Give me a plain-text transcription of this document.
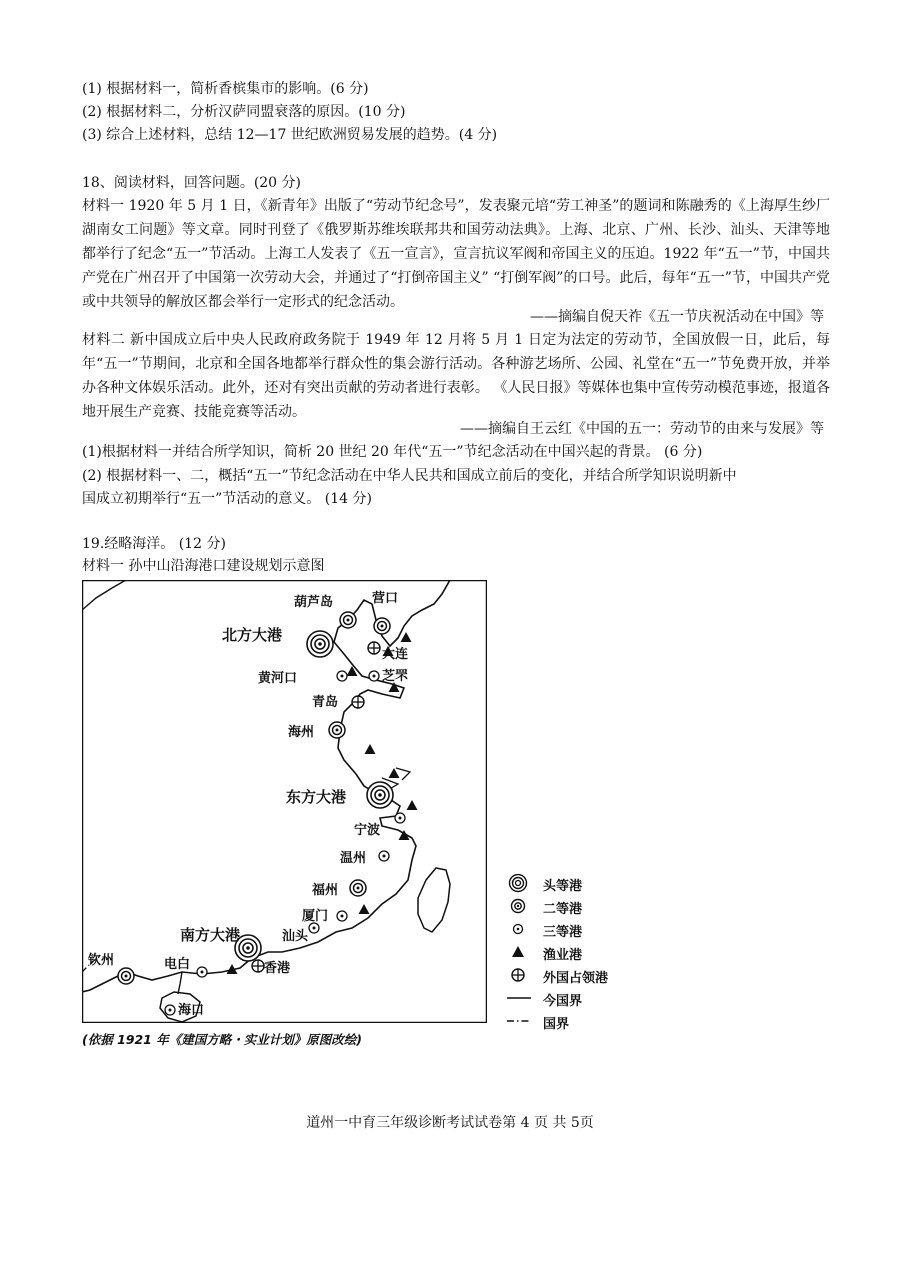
(1) 根据材料一，简析香槟集市的影响。(6 分)
(2) 根据材料二，分析汉萨同盟衰落的原因。(10 分)
(3) 综合上述材料，总结 12—17 世纪欧洲贸易发展的趋势。(4 分)
18、阅读材料，回答问题。(20 分)
材料一 1920 年 5 月 1 日，《新青年》出版了“劳动节纪念号”，发表聚元培“劳工神圣”的题词和陈融秀的《上海厚生纱厂湖南女工问题》等文章。同时刊登了《俄罗斯苏维埃联邦共和国劳动法典》。上海、北京、广州、长沙、汕头、天津等地都举行了纪念“五一”节活动。上海工人发表了《五一宣言》，宣言抗议军阀和帝国主义的压迫。1922 年“五一”节，中国共产党在广州召开了中国第一次劳动大会，并通过了“打倒帝国主义” “打倒军阀”的口号。此后，每年“五一”节，中国共产党或中共领导的解放区都会举行一定形式的纪念活动。
——摘编自倪天祚《五一节庆祝活动在中国》等
材料二 新中国成立后中央人民政府政务院于 1949 年 12 月将 5 月 1 日定为法定的劳动节，全国放假一日，此后，每年“五一”节期间，北京和全国各地都举行群众性的集会游行活动。各种游艺场所、公园、礼堂在“五一”节免费开放，并举办各种文体娱乐活动。此外，还对有突出贡献的劳动者进行表彰。 《人民日报》等媒体也集中宣传劳动模范事迹，报道各地开展生产竞赛、技能竞赛等活动。
——摘编自王云红《中国的五一：劳动节的由来与发展》等
(1)根据材料一并结合所学知识，简析 20 世纪 20 年代“五一”节纪念活动在中国兴起的背景。 (6 分)
(2) 根据材料一、二，概括“五一”节纪念活动在中华人民共和国成立前后的变化，并结合所学知识说明新中
国成立初期举行“五一”节活动的意义。 (14 分)
19.经略海洋。 (12 分)
材料一 孙中山沿海港口建设规划示意图
北方大港
东方大港
南方大港
葫芦岛	营口
大连
黄河口	芝罘
青岛
海州
宁波
温州
福州
厦门
汕头
钦州	电白	香港
海口
头等港
二等港
三等港
渔业港
外国占领港
今国界
国界
(依据 1921 年《建国方略・实业计划》原图改绘)
道州一中育三年级诊断考试试卷第 4 页 共 5页
